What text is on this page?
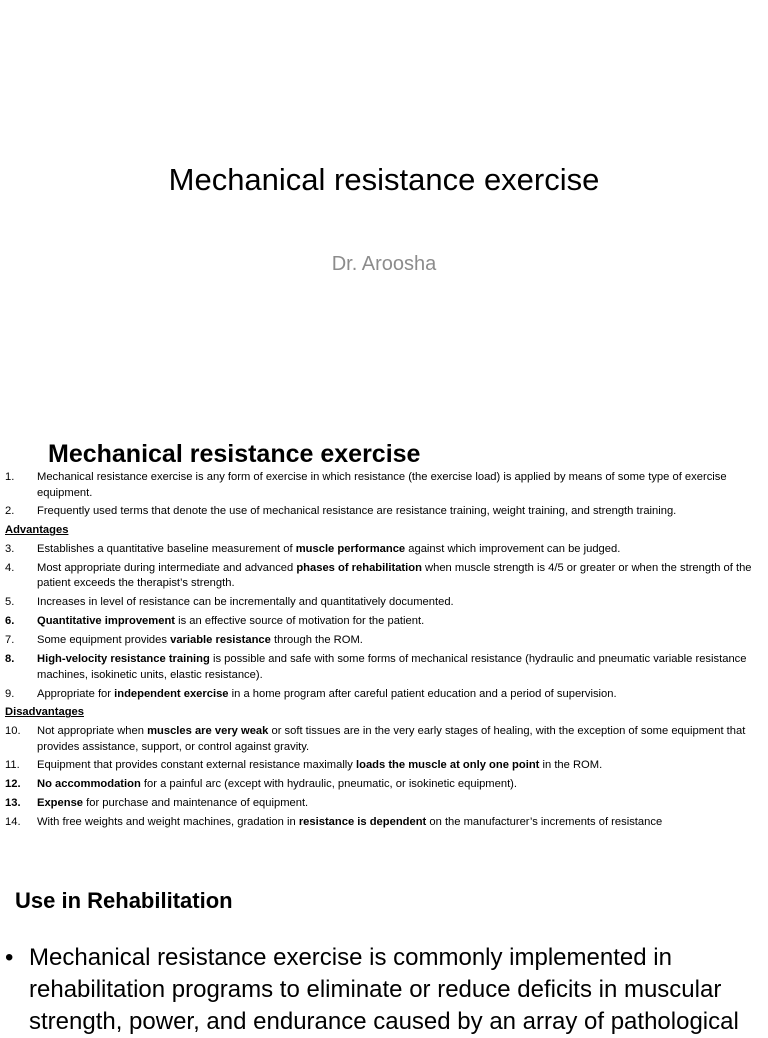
Mechanical resistance exercise
Dr. Aroosha
Mechanical resistance exercise
1.	Mechanical resistance exercise is any form of exercise in which resistance (the exercise load) is applied by means of some type of exercise equipment.
2.	Frequently used terms that denote the use of mechanical resistance are resistance training, weight training, and strength training.
Advantages
3.	Establishes a quantitative baseline measurement of muscle performance against which improvement can be judged.
4.	Most appropriate during intermediate and advanced phases of rehabilitation when muscle strength is 4/5 or greater or when the strength of the patient exceeds the therapist’s strength.
5.	Increases in level of resistance can be incrementally and quantitatively documented.
6.	Quantitative improvement is an effective source of motivation for the patient.
7.	Some equipment provides variable resistance through the ROM.
8.	High-velocity resistance training is possible and safe with some forms of mechanical resistance (hydraulic and pneumatic variable resistance machines, isokinetic units, elastic resistance).
9.	Appropriate for independent exercise in a home program after careful patient education and a period of supervision.
Disadvantages
10.	Not appropriate when muscles are very weak or soft tissues are in the very early stages of healing, with the exception of some equipment that provides assistance, support, or control against gravity.
11.	Equipment that provides constant external resistance maximally loads the muscle at only one point in the ROM.
12.	No accommodation for a painful arc (except with hydraulic, pneumatic, or isokinetic equipment).
13.	Expense for purchase and maintenance of equipment.
14.	With free weights and weight machines, gradation in resistance is dependent on the manufacturer’s increments of resistance
Use in Rehabilitation
• Mechanical resistance exercise is commonly implemented in rehabilitation programs to eliminate or reduce deficits in muscular strength, power, and endurance caused by an array of pathological
